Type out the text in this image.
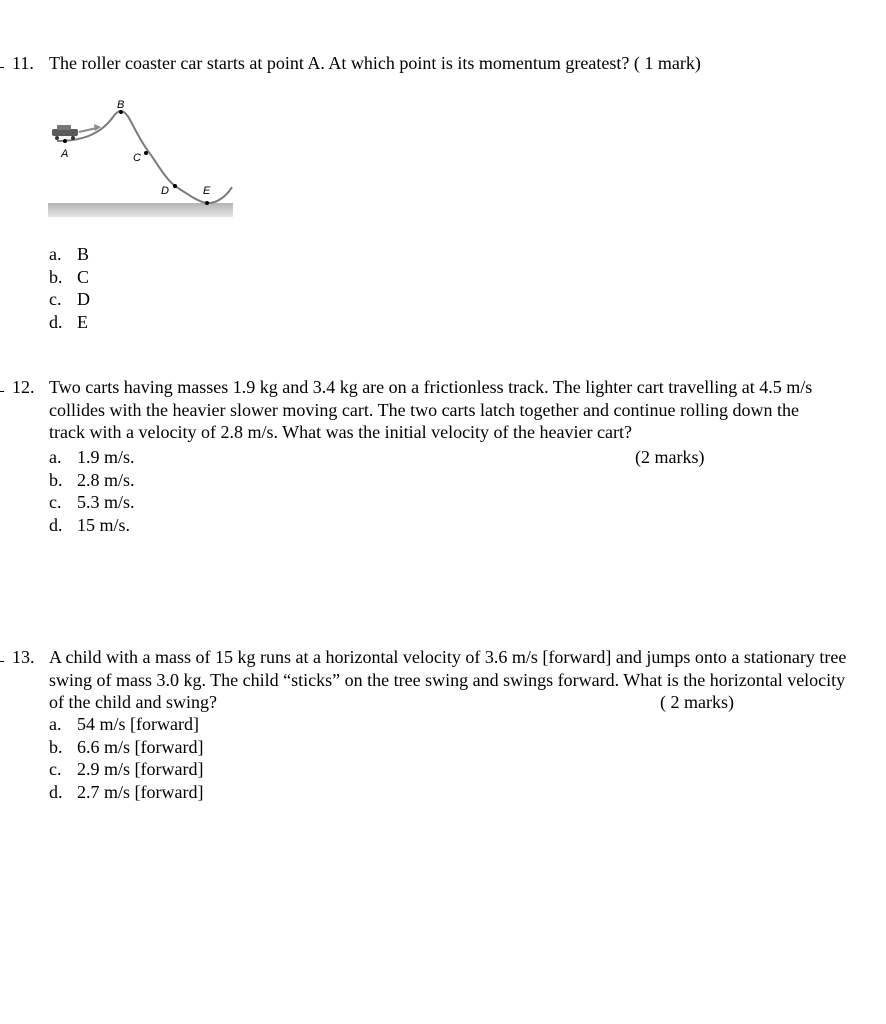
11. The roller coaster car starts at point A. At which point is its momentum greatest? ( 1 mark)
A
B
C
D	E
a. B
b. C
c. D
d. E
12. Two carts having masses 1.9 kg and 3.4 kg are on a frictionless track. The lighter cart travelling at 4.5 m/s collides with the heavier slower moving cart. The two carts latch together and continue rolling down the track with a velocity of 2.8 m/s. What was the initial velocity of the heavier cart?
(2 marks)
a. 1.9 m/s.
b. 2.8 m/s.
c. 5.3 m/s.
d. 15 m/s.
13. A child with a mass of 15 kg runs at a horizontal velocity of 3.6 m/s [forward] and jumps onto a stationary tree swing of mass 3.0 kg. The child “sticks” on the tree swing and swings forward. What is the horizontal velocity of the child and swing?	( 2 marks)
a. 54 m/s [forward]
b. 6.6 m/s [forward]
c. 2.9 m/s [forward]
d. 2.7 m/s [forward]
